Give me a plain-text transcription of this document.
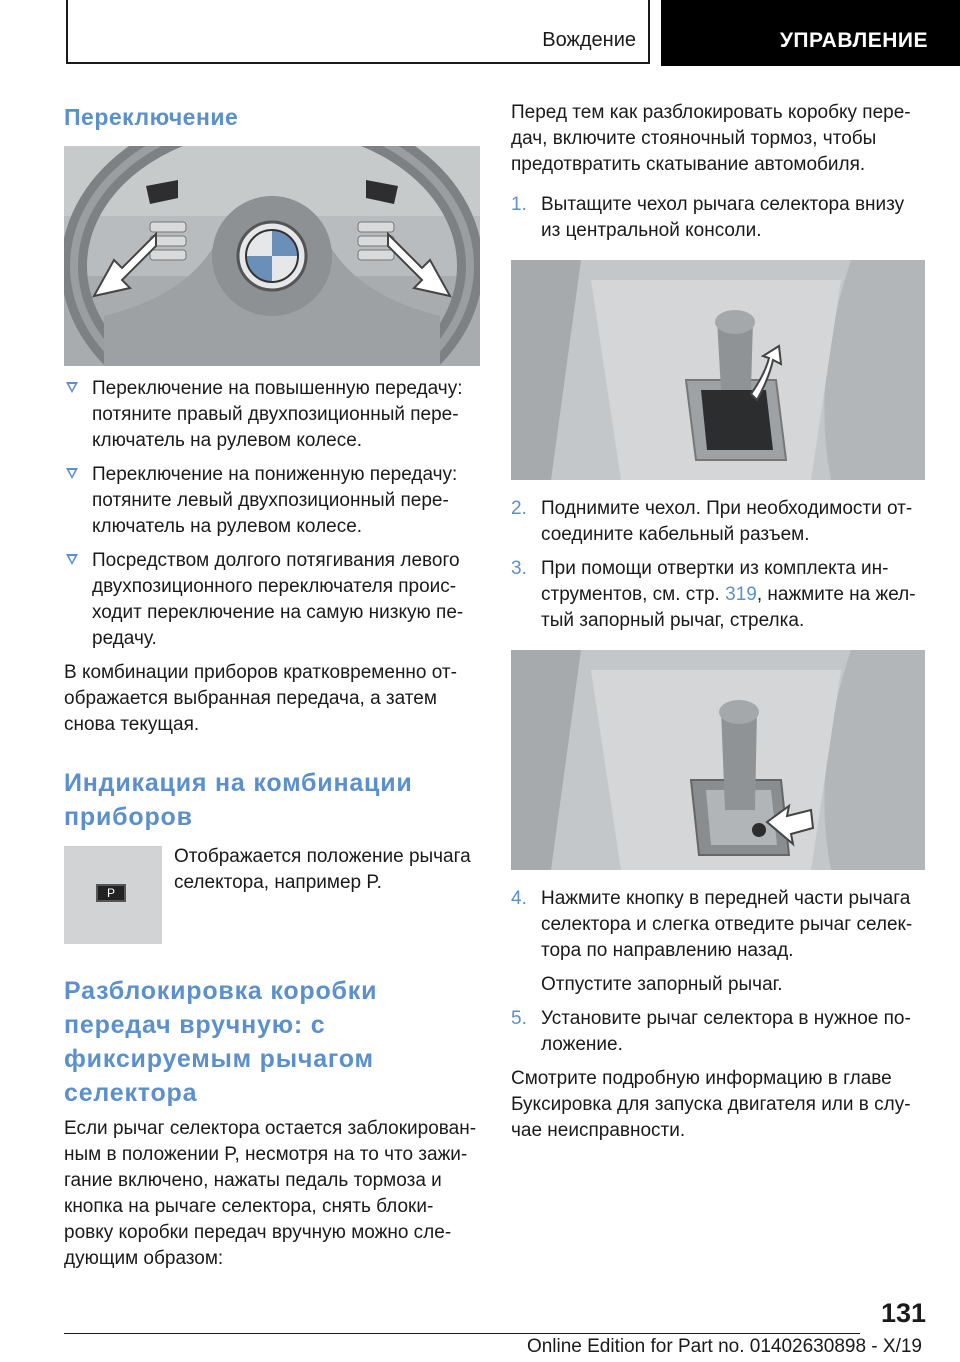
Вождение	УПРАВЛЕНИЕ
Переключение
Переключение на повышенную передачу: потяните правый двухпозиционный пере-ключатель на рулевом колесе.
Переключение на пониженную передачу: потяните левый двухпозиционный пере-ключатель на рулевом колесе.
Посредством долгого потягивания левого двухпозиционного переключателя проис-ходит переключение на самую низкую пе-редачу.

В комбинации приборов кратковременно от-ображается выбранная передача, а затем снова текущая.

Индикация на комбинации приборов
P

Отображается положение рычага селектора, например P.

Разблокировка коробки передач вручную: с фиксируемым рычагом селектора

Если рычаг селектора остается заблокирован-ным в положении P, несмотря на то что зажи-гание включено, нажаты педаль тормоза и кнопка на рычаге селектора, снять блоки-ровку коробки передач вручную можно сле-дующим образом:

Перед тем как разблокировать коробку пере-дач, включите стояночный тормоз, чтобы предотвратить скатывание автомобиля.

1. Вытащите чехол рычага селектора внизу из центральной консоли.
2. Поднимите чехол. При необходимости от-соедините кабельный разъем.
3. При помощи отвертки из комплекта ин-струментов, см. стр. 319, нажмите на жел-тый запорный рычаг, стрелка.
4. Нажмите кнопку в передней части рычага селектора и слегка отведите рычаг селек-тора по направлению назад.

Отпустите запорный рычаг.

5. Установите рычаг селектора в нужное по-ложение.

Смотрите подробную информацию в главе Буксировка для запуска двигателя или в слу-чае неисправности.

131
Online Edition for Part no. 01402630898 - X/19
